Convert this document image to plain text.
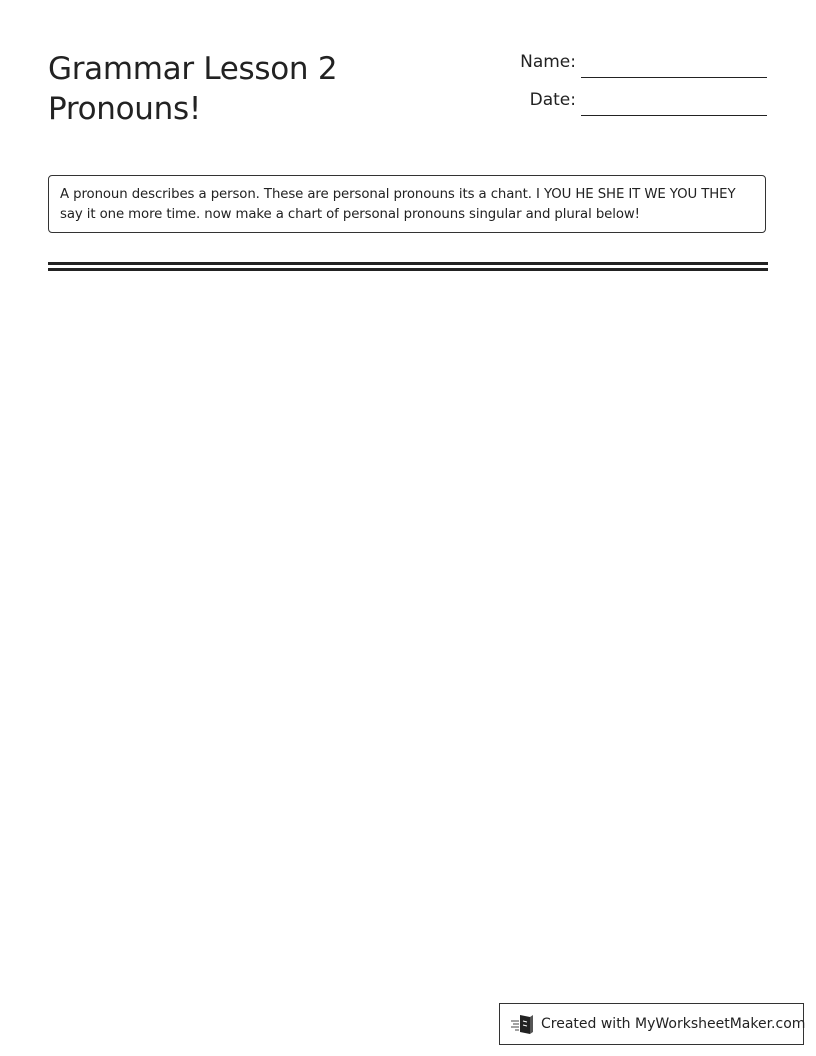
Grammar Lesson 2
Pronouns!
Name:
Date:
A pronoun describes a person. These are personal pronouns its a chant. I YOU HE SHE IT WE YOU THEY say it one more time. now make a chart of personal pronouns singular and plural below!
Created with MyWorksheetMaker.com
